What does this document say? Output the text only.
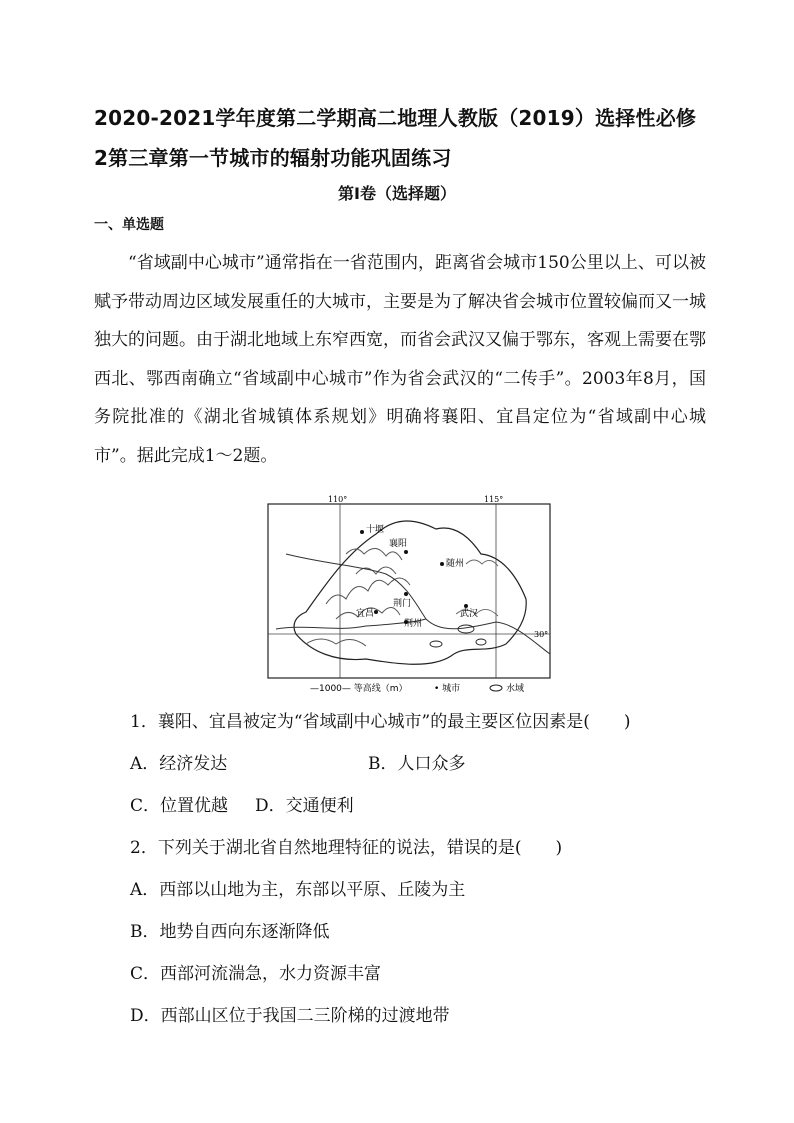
2020-2021学年度第二学期高二地理人教版（2019）选择性必修2第三章第一节城市的辐射功能巩固练习
第I卷（选择题）
一、单选题

“省域副中心城市”通常指在一省范围内，距离省会城市150公里以上、可以被赋予带动周边区域发展重任的大城市，主要是为了解决省会城市位置较偏而又一城独大的问题。由于湖北地域上东窄西宽，而省会武汉又偏于鄂东，客观上需要在鄂西北、鄂西南确立“省域副中心城市”作为省会武汉的“二传手”。2003年8月，国务院批准的《湖北省城镇体系规划》明确将襄阳、宜昌定位为“省域副中心城市”。据此完成1～2题。

110°	115°
30°
十堰
襄阳
随州
荆门
宜昌
荆州
武汉
—1000— 等高线（m）	• 城市	水域
1．襄阳、宜昌被定为“省域副中心城市”的最主要区位因素是(　　)
A．经济发达	B．人口众多
C．位置优越 D．交通便利
2．下列关于湖北省自然地理特征的说法，错误的是(　　)
A．西部以山地为主，东部以平原、丘陵为主
B．地势自西向东逐渐降低
C．西部河流湍急，水力资源丰富
D．西部山区位于我国二三阶梯的过渡地带
